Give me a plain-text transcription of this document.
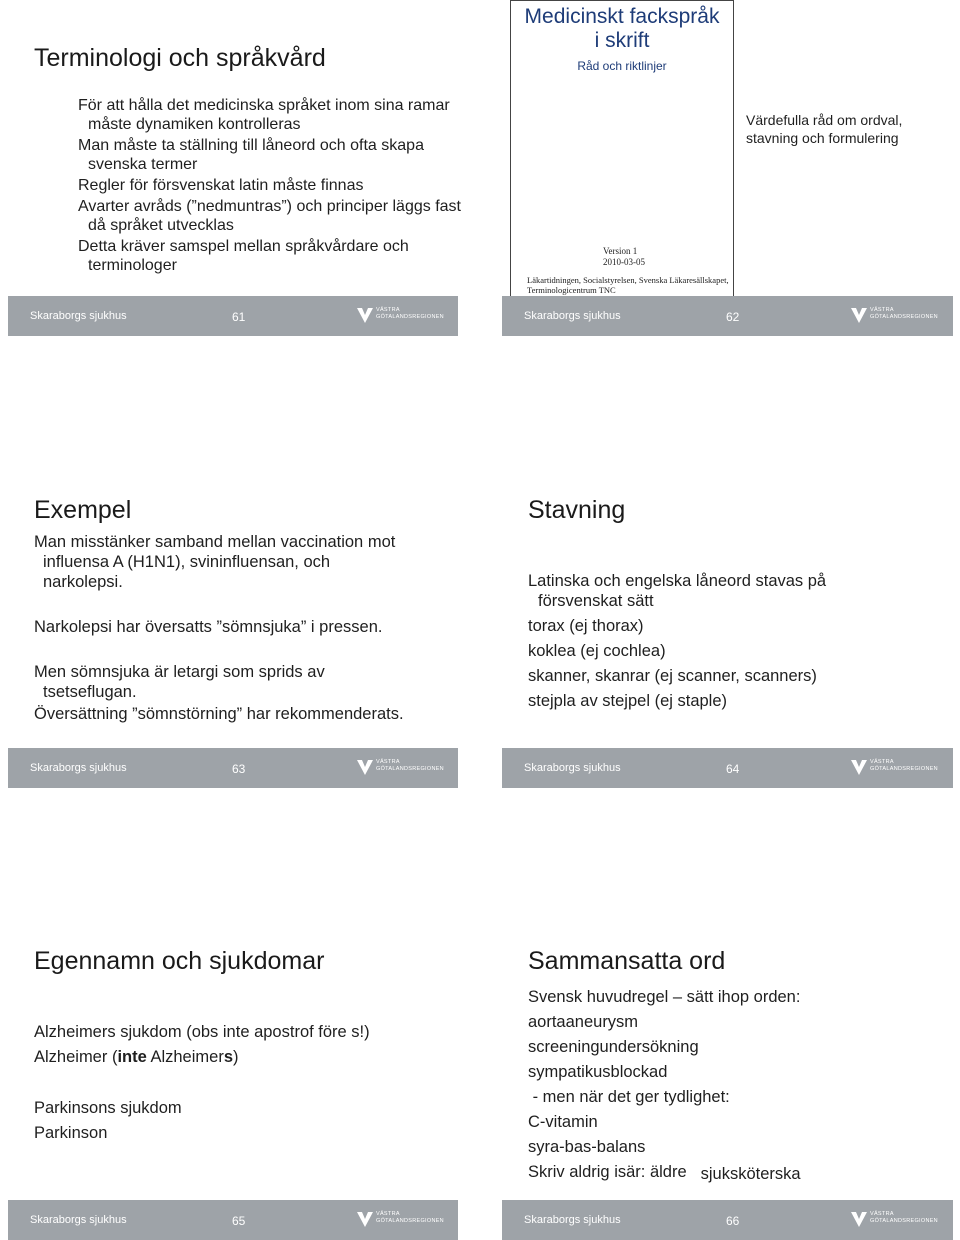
Terminologi och språkvård
För att hålla det medicinska språket inom sina ramar
måste dynamiken kontrolleras
Man måste ta ställning till låneord och ofta skapa
svenska termer
Regler för försvenskat latin måste finnas
Avarter avråds (”nedmuntras”) och principer läggs fast
då språket utvecklas
Detta kräver samspel mellan språkvårdare och
terminologer
Skaraborgs sjukhus	61	VÄSTRA
GÖTALANDSREGIONEN
Medicinskt fackspråk
i skrift
Råd och riktlinjer
Version 1
2010-03-05
Läkartidningen, Socialstyrelsen, Svenska Läkaresällskapet,
Terminologicentrum TNC
Värdefulla råd om ordval,
stavning och formulering
Skaraborgs sjukhus	62	VÄSTRA
GÖTALANDSREGIONEN
Exempel
Man misstänker samband mellan vaccination mot
influensa A (H1N1), svininfluensan, och
narkolepsi.
Narkolepsi har översatts ”sömnsjuka” i pressen.
Men sömnsjuka är letargi som sprids av
tsetseflugan.
Översättning ”sömnstörning” har rekommenderats.
Skaraborgs sjukhus	63	VÄSTRA
GÖTALANDSREGIONEN
Stavning
Latinska och engelska låneord stavas på
försvenskat sätt
torax (ej thorax)
koklea (ej cochlea)
skanner, skanrar (ej scanner, scanners)
stejpla av stejpel (ej staple)
Skaraborgs sjukhus	64	VÄSTRA
GÖTALANDSREGIONEN
Egennamn och sjukdomar
Alzheimers sjukdom (obs inte apostrof före s!)
Alzheimer (inte Alzheimers)
Parkinsons sjukdom
Parkinson
Skaraborgs sjukhus	65	VÄSTRA
GÖTALANDSREGIONEN
Sammansatta ord
Svensk huvudregel – sätt ihop orden:
aortaaneurysm
screeningundersökning
sympatikusblockad
- men när det ger tydlighet:
C-vitamin
syra-bas-balans
Skriv aldrig isär: äldre sjuksköterska
Skaraborgs sjukhus	66	VÄSTRA
GÖTALANDSREGIONEN
